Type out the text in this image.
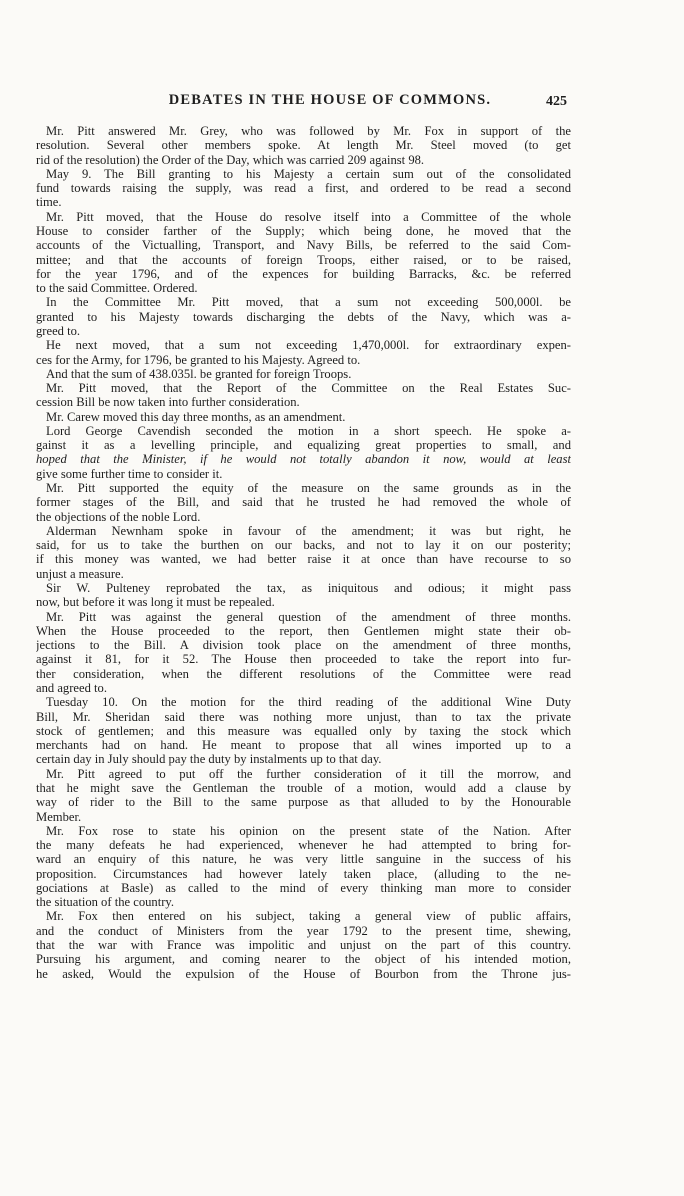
DEBATES IN THE HOUSE OF COMMONS.	425
Mr. Pitt answered Mr. Grey, who was followed by Mr. Fox in support of the
resolution. Several other members spoke. At length Mr. Steel moved (to get
rid of the resolution) the Order of the Day, which was carried 209 against 98.
May 9. The Bill granting to his Majesty a certain sum out of the consolidated
fund towards raising the supply, was read a first, and ordered to be read a second
time.
Mr. Pitt moved, that the House do resolve itself into a Committee of the whole
House to consider farther of the Supply; which being done, he moved that the
accounts of the Victualling, Transport, and Navy Bills, be referred to the said Com-
mittee; and that the accounts of foreign Troops, either raised, or to be raised,
for the year 1796, and of the expences for building Barracks, &c. be referred
to the said Committee. Ordered.
In the Committee Mr. Pitt moved, that a sum not exceeding 500,000l. be
granted to his Majesty towards discharging the debts of the Navy, which was a-
greed to.
He next moved, that a sum not exceeding 1,470,000l. for extraordinary expen-
ces for the Army, for 1796, be granted to his Majesty. Agreed to.
And that the sum of 438.035l. be granted for foreign Troops.
Mr. Pitt moved, that the Report of the Committee on the Real Estates Suc-
cession Bill be now taken into further consideration.
Mr. Carew moved this day three months, as an amendment.
Lord George Cavendish seconded the motion in a short speech. He spoke a-
gainst it as a levelling principle, and equalizing great properties to small, and
hoped that the Minister, if he would not totally abandon it now, would at least
give some further time to consider it.
Mr. Pitt supported the equity of the measure on the same grounds as in the
former stages of the Bill, and said that he trusted he had removed the whole of
the objections of the noble Lord.
Alderman Newnham spoke in favour of the amendment; it was but right, he
said, for us to take the burthen on our backs, and not to lay it on our posterity;
if this money was wanted, we had better raise it at once than have recourse to so
unjust a measure.
Sir W. Pulteney reprobated the tax, as iniquitous and odious; it might pass
now, but before it was long it must be repealed.
Mr. Pitt was against the general question of the amendment of three months.
When the House proceeded to the report, then Gentlemen might state their ob-
jections to the Bill. A division took place on the amendment of three months,
against it 81, for it 52. The House then proceeded to take the report into fur-
ther consideration, when the different resolutions of the Committee were read
and agreed to.
Tuesday 10. On the motion for the third reading of the additional Wine Duty
Bill, Mr. Sheridan said there was nothing more unjust, than to tax the private
stock of gentlemen; and this measure was equalled only by taxing the stock which
merchants had on hand. He meant to propose that all wines imported up to a
certain day in July should pay the duty by instalments up to that day.
Mr. Pitt agreed to put off the further consideration of it till the morrow, and
that he might save the Gentleman the trouble of a motion, would add a clause by
way of rider to the Bill to the same purpose as that alluded to by the Honourable
Member.
Mr. Fox rose to state his opinion on the present state of the Nation. After
the many defeats he had experienced, whenever he had attempted to bring for-
ward an enquiry of this nature, he was very little sanguine in the success of his
proposition. Circumstances had however lately taken place, (alluding to the ne-
gociations at Basle) as called to the mind of every thinking man more to consider
the situation of the country.
Mr. Fox then entered on his subject, taking a general view of public affairs,
and the conduct of Ministers from the year 1792 to the present time, shewing,
that the war with France was impolitic and unjust on the part of this country.
Pursuing his argument, and coming nearer to the object of his intended motion,
he asked, Would the expulsion of the House of Bourbon from the Throne jus-
